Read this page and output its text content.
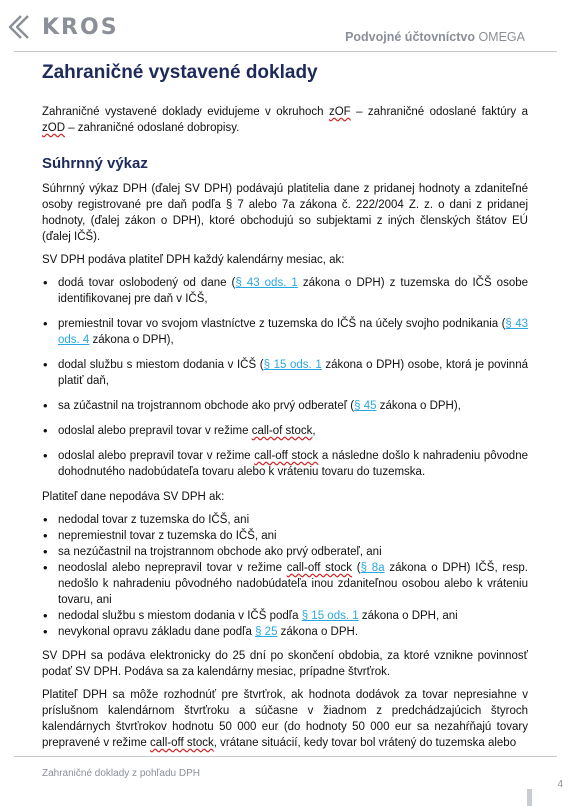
KROS	Podvojné účtovníctvo OMEGA
Zahraničné vystavené doklady

Zahraničné vystavené doklady evidujeme v okruhoch zOF – zahraničné odoslané faktúry a zOD – zahraničné odoslané dobropisy.

Súhrnný výkaz

Súhrnný výkaz DPH (ďalej SV DPH) podávajú platitelia dane z pridanej hodnoty a zdaniteľné osoby registrované pre daň podľa § 7 alebo 7a zákona č. 222/2004 Z. z. o dani z pridanej hodnoty, (ďalej zákon o DPH), ktoré obchodujú so subjektami z iných členských štátov EÚ (ďalej IČŠ).

SV DPH podáva platiteľ DPH každý kalendárny mesiac, ak:

• dodá tovar oslobodený od dane (§ 43 ods. 1 zákona o DPH) z tuzemska do IČŠ osobe identifikovanej pre daň v IČŠ,
• premiestnil tovar vo svojom vlastníctve z tuzemska do IČŠ na účely svojho podnikania (§ 43 ods. 4 zákona o DPH),
• dodal službu s miestom dodania v IČŠ (§ 15 ods. 1 zákona o DPH) osobe, ktorá je povinná platiť daň,
• sa zúčastnil na trojstrannom obchode ako prvý odberateľ (§ 45 zákona o DPH),
• odoslal alebo prepravil tovar v režime call-of stock,
• odoslal alebo prepravil tovar v režime call-off stock a následne došlo k nahradeniu pôvodne dohodnutého nadobúdateľa tovaru alebo k vráteniu tovaru do tuzemska.

Platiteľ dane nepodáva SV DPH ak:

• nedodal tovar z tuzemska do IČŠ, ani
• nepremiestnil tovar z tuzemska do IČŠ, ani
• sa nezúčastnil na trojstrannom obchode ako prvý odberateľ, ani
• neodoslal alebo neprepravil tovar v režime call-off stock (§ 8a zákona o DPH) IČŠ, resp. nedošlo k nahradeniu pôvodného nadobúdateľa inou zdaniteľnou osobou alebo k vráteniu tovaru, ani
• nedodal službu s miestom dodania v IČŠ podľa § 15 ods. 1 zákona o DPH, ani
• nevykonal opravu základu dane podľa § 25 zákona o DPH.

SV DPH sa podáva elektronicky do 25 dní po skončení obdobia, za ktoré vznikne povinnosť podať SV DPH. Podáva sa za kalendárny mesiac, prípadne štvrťrok.

Platiteľ DPH sa môže rozhodnúť pre štvrťrok, ak hodnota dodávok za tovar nepresiahne v príslušnom kalendárnom štvrťroku a súčasne v žiadnom z predchádzajúcich štyroch kalendárnych štvrťrokov hodnotu 50 000 eur (do hodnoty 50 000 eur sa nezahŕňajú tovary prepravené v režime call-off stock, vrátane situácií, kedy tovar bol vrátený do tuzemska alebo

Zahraničné doklady z pohľadu DPH
4
